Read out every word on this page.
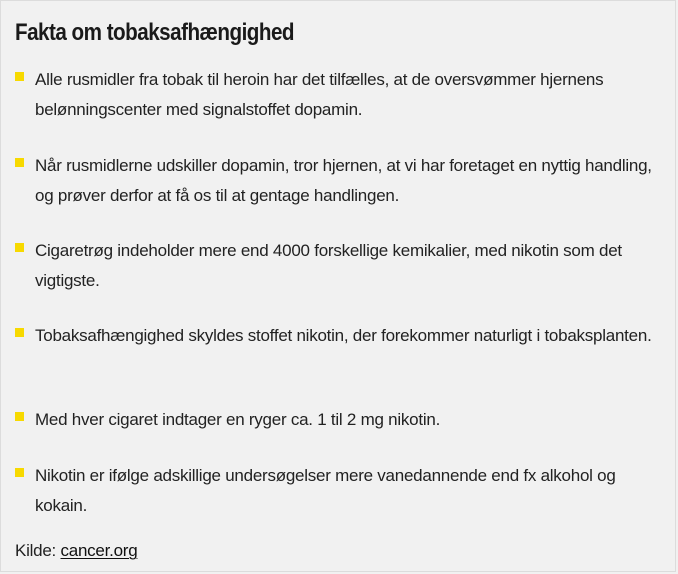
Fakta om tobaksafhængighed
Alle rusmidler fra tobak til heroin har det tilfælles, at de oversvømmer hjernens belønningscenter med signalstoffet dopamin.
Når rusmidlerne udskiller dopamin, tror hjernen, at vi har foretaget en nyttig handling, og prøver derfor at få os til at gentage handlingen.
Cigaretrøg indeholder mere end 4000 forskellige kemikalier, med nikotin som det vigtigste.
Tobaksafhængighed skyldes stoffet nikotin, der forekommer naturligt i tobaksplanten.
Med hver cigaret indtager en ryger ca. 1 til 2 mg nikotin.
Nikotin er ifølge adskillige undersøgelser mere vanedannende end fx alkohol og kokain.
Kilde: cancer.org
